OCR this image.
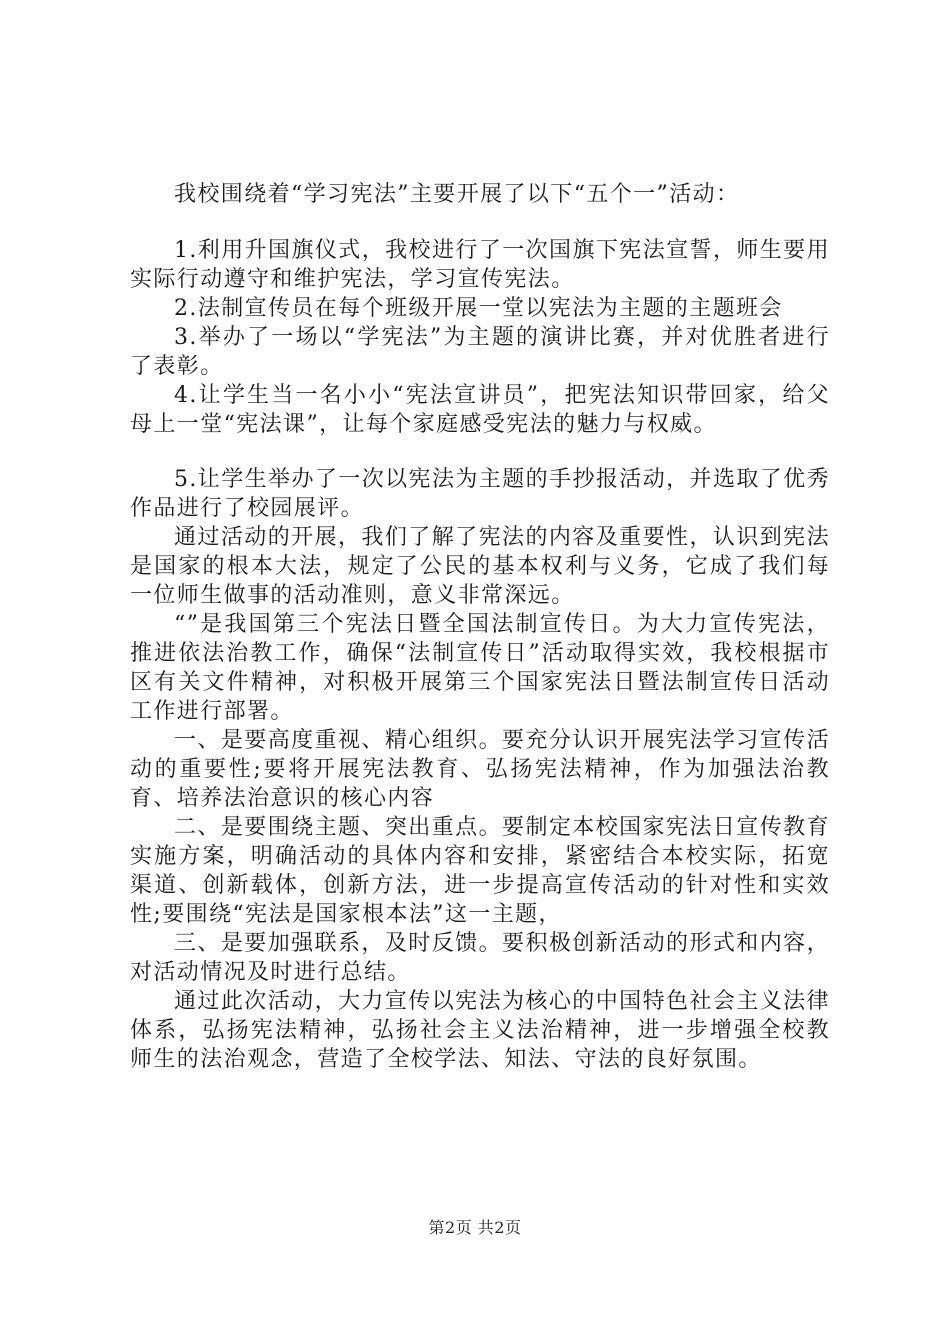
我校围绕着“学习宪法”主要开展了以下“五个一”活动：

1.利用升国旗仪式，我校进行了一次国旗下宪法宣誓，师生要用实际行动遵守和维护宪法，学习宣传宪法。

2.法制宣传员在每个班级开展一堂以宪法为主题的主题班会

3.举办了一场以“学宪法”为主题的演讲比赛，并对优胜者进行了表彰。

4.让学生当一名小小“宪法宣讲员”，把宪法知识带回家，给父母上一堂“宪法课”，让每个家庭感受宪法的魅力与权威。

5.让学生举办了一次以宪法为主题的手抄报活动，并选取了优秀作品进行了校园展评。

通过活动的开展，我们了解了宪法的内容及重要性，认识到宪法是国家的根本大法，规定了公民的基本权利与义务，它成了我们每一位师生做事的活动准则，意义非常深远。

“”是我国第三个宪法日暨全国法制宣传日。为大力宣传宪法，推进依法治教工作，确保“法制宣传日”活动取得实效，我校根据市区有关文件精神，对积极开展第三个国家宪法日暨法制宣传日活动工作进行部署。

一、是要高度重视、精心组织。要充分认识开展宪法学习宣传活动的重要性;要将开展宪法教育、弘扬宪法精神，作为加强法治教育、培养法治意识的核心内容

二、是要围绕主题、突出重点。要制定本校国家宪法日宣传教育实施方案，明确活动的具体内容和安排，紧密结合本校实际，拓宽渠道、创新载体，创新方法，进一步提高宣传活动的针对性和实效性;要围绕“宪法是国家根本法”这一主题，

三、是要加强联系，及时反馈。要积极创新活动的形式和内容，对活动情况及时进行总结。

通过此次活动，大力宣传以宪法为核心的中国特色社会主义法律体系，弘扬宪法精神，弘扬社会主义法治精神，进一步增强全校教师生的法治观念，营造了全校学法、知法、守法的良好氛围。

第2页 共2页
